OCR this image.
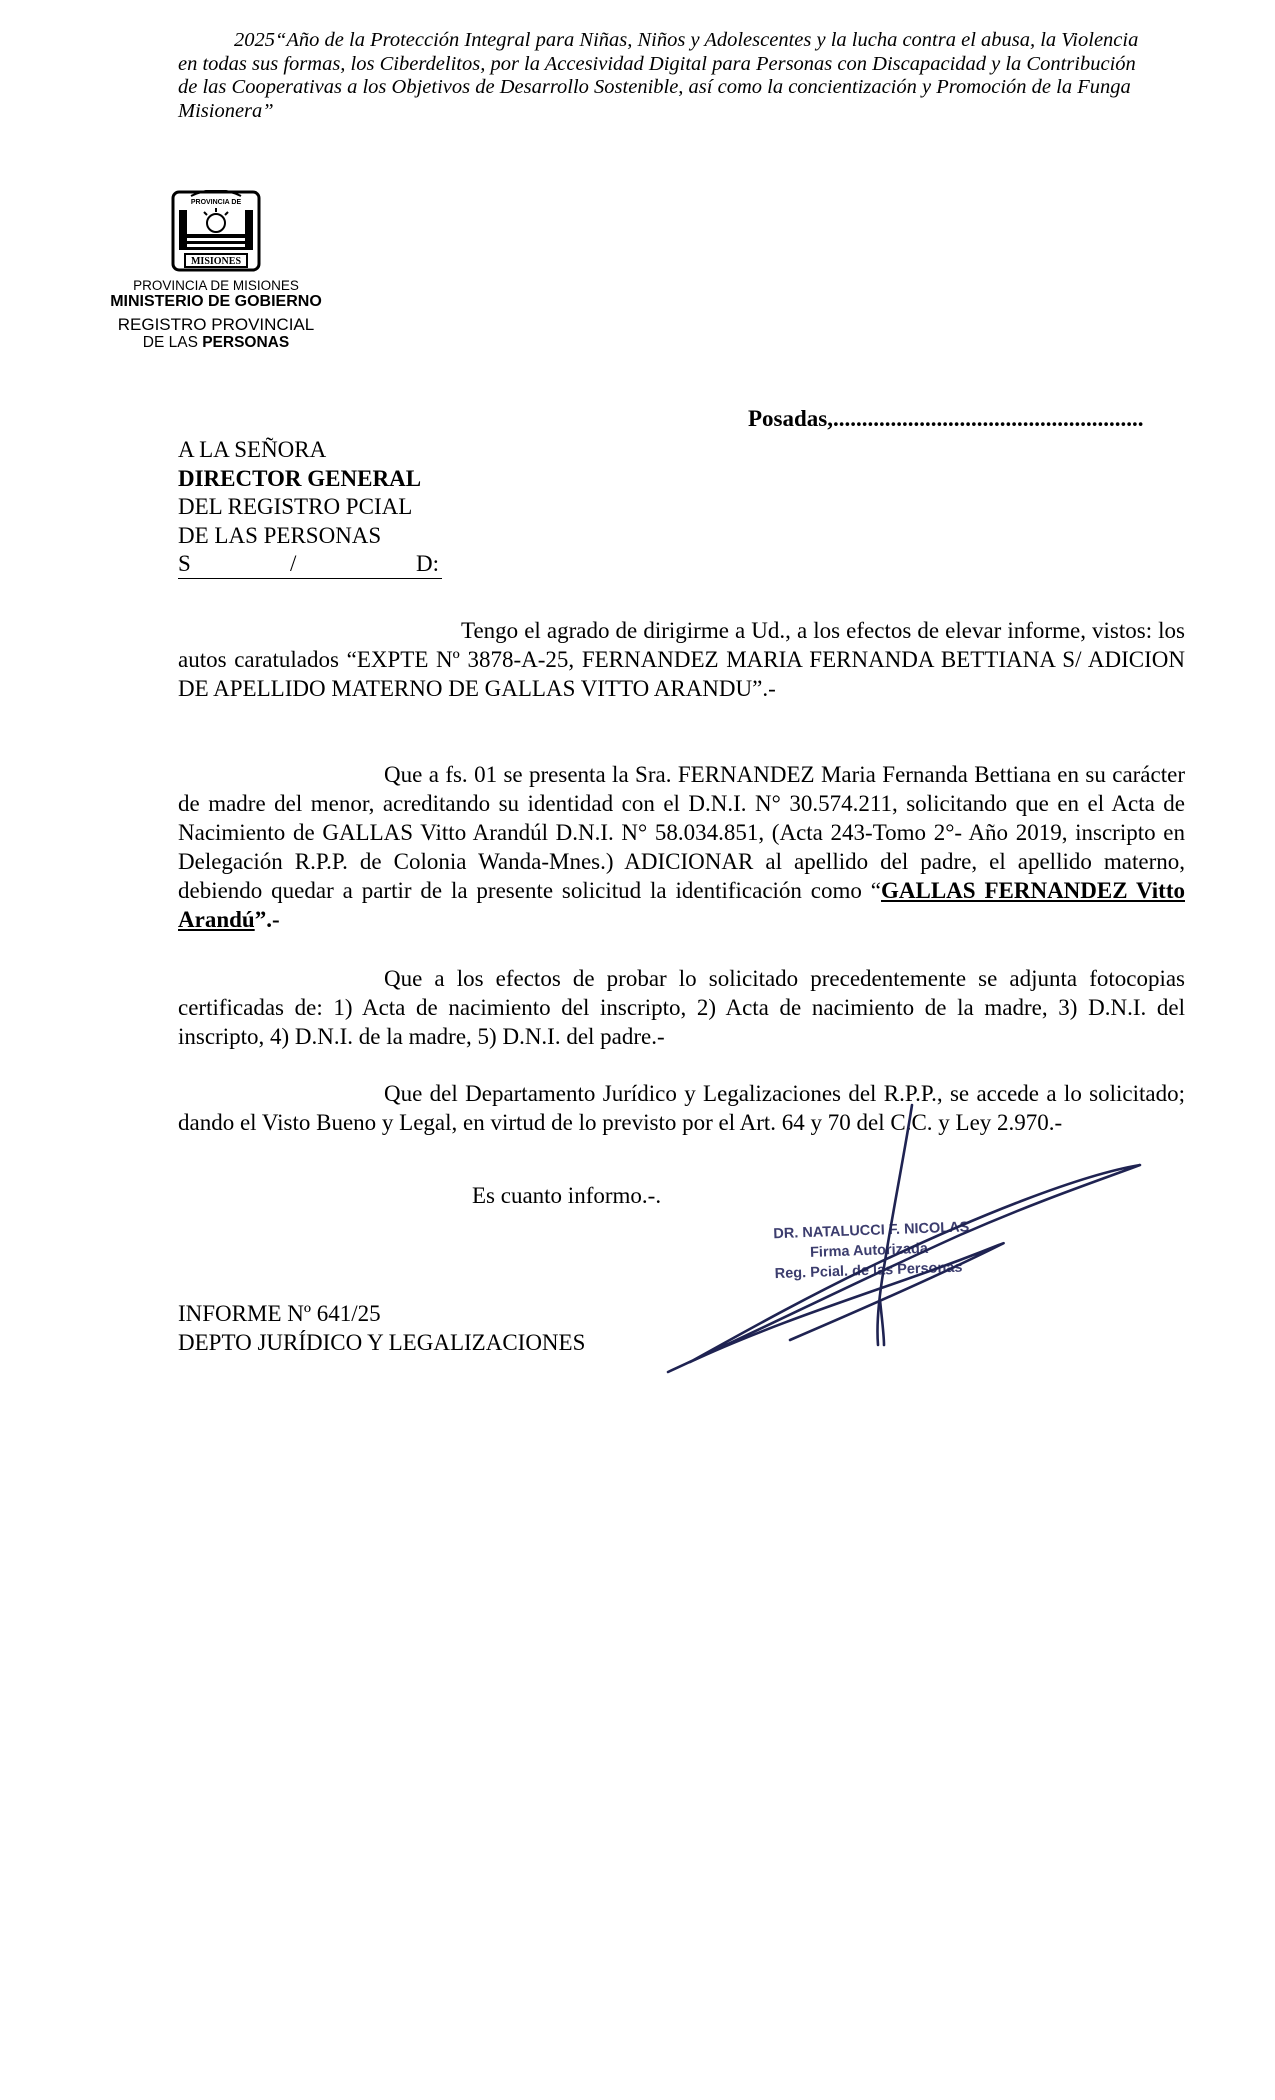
2025“Año de la Protección Integral para Niñas, Niños y Adolescentes y la lucha contra el abusa, la Violencia

en todas sus formas, los Ciberdelitos, por la Accesividad Digital para Personas con Discapacidad y la Contribución

de las Cooperativas a los Objetivos de Desarrollo Sostenible, así como la concientización y Promoción de la Funga

Misionera”

PROVINCIA DE
MISIONES
PROVINCIA DE MISIONES
MINISTERIO DE GOBIERNO
REGISTRO PROVINCIAL
DE LAS PERSONAS
Posadas,......................................................
A LA SEÑORA
DIRECTOR GENERAL
DEL REGISTRO PCIAL
DE LAS PERSONAS
S	/	D:

Tengo el agrado de dirigirme a Ud., a los efectos de elevar informe, vistos: los autos caratulados “EXPTE Nº 3878-A-25, FERNANDEZ MARIA FERNANDA BETTIANA S/ ADICION DE APELLIDO MATERNO DE GALLAS VITTO ARANDU”.-

Que a fs. 01 se presenta la Sra. FERNANDEZ Maria Fernanda Bettiana en su carácter de madre del menor, acreditando su identidad con el D.N.I. N° 30.574.211, solicitando que en el Acta de Nacimiento de GALLAS Vitto Arandúl D.N.I. N° 58.034.851, (Acta 243-Tomo 2°- Año 2019, inscripto en Delegación R.P.P. de Colonia Wanda-Mnes.) ADICIONAR al apellido del padre, el apellido materno, debiendo quedar a partir de la presente solicitud la identificación como “GALLAS FERNANDEZ Vitto Arandú”.-

Que a los efectos de probar lo solicitado precedentemente se adjunta fotocopias certificadas de: 1) Acta de nacimiento del inscripto, 2) Acta de nacimiento de la madre, 3) D.N.I. del inscripto, 4) D.N.I. de la madre, 5) D.N.I. del padre.-

Que del Departamento Jurídico y Legalizaciones del R.P.P., se accede a lo solicitado; dando el Visto Bueno y Legal, en virtud de lo previsto por el Art. 64 y 70 del C.C. y Ley 2.970.-

Es cuanto informo.-.
INFORME Nº 641/25
DEPTO JURÍDICO Y LEGALIZACIONES
DR. NATALUCCI F. NICOLAS
Firma Autorizada
Reg. Pcial. de las Personas
